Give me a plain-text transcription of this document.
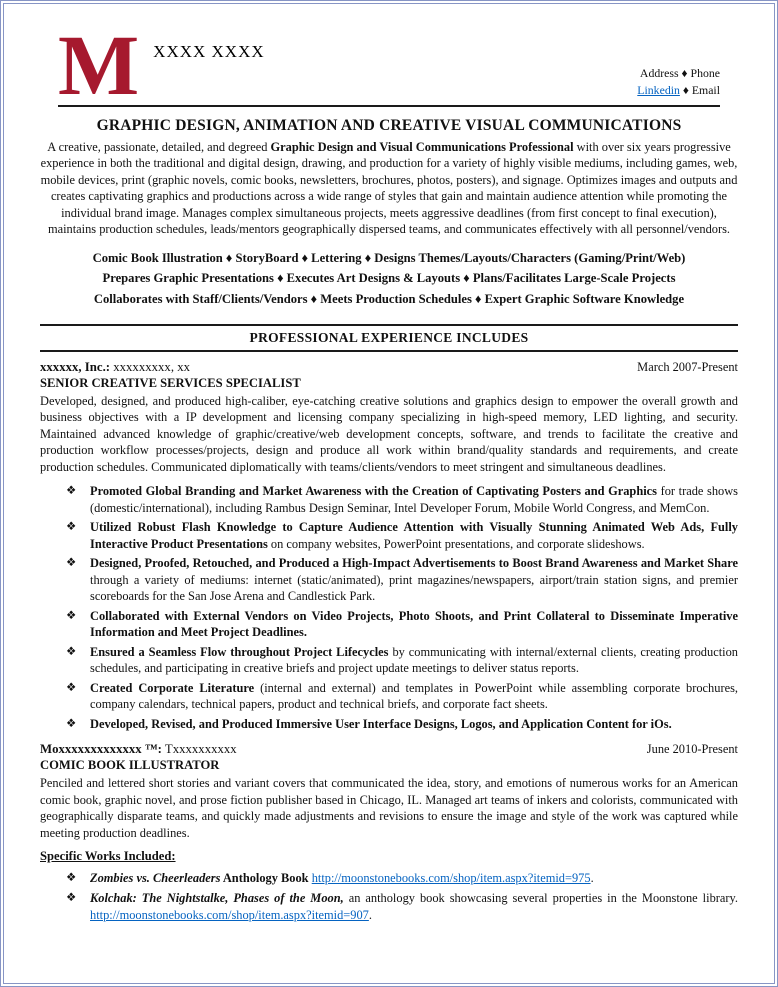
M XXXX XXXX
Address ♦ Phone
Linkedin ♦ Email
GRAPHIC DESIGN, ANIMATION AND CREATIVE VISUAL COMMUNICATIONS

A creative, passionate, detailed, and degreed Graphic Design and Visual Communications Professional with over six years progressive experience in both the traditional and digital design, drawing, and production for a variety of highly visible mediums, including games, web, mobile devices, print (graphic novels, comic books, newsletters, brochures, photos, posters), and signage. Optimizes images and outputs and creates captivating graphics and productions across a wide range of styles that gain and maintain audience attention while promoting the individual brand image. Manages complex simultaneous projects, meets aggressive deadlines (from first concept to final execution), maintains production schedules, leads/mentors geographically dispersed teams, and communicates effectively with all personnel/vendors.

Comic Book Illustration ♦ StoryBoard ♦ Lettering ♦ Designs Themes/Layouts/Characters (Gaming/Print/Web)
Prepares Graphic Presentations ♦ Executes Art Designs & Layouts ♦ Plans/Facilitates Large-Scale Projects
Collaborates with Staff/Clients/Vendors ♦ Meets Production Schedules ♦ Expert Graphic Software Knowledge
PROFESSIONAL EXPERIENCE INCLUDES
xxxxxx, Inc.: xxxxxxxxx, xx	March 2007-Present
SENIOR CREATIVE SERVICES SPECIALIST

Developed, designed, and produced high-caliber, eye-catching creative solutions and graphics design to empower the overall growth and business objectives with a IP development and licensing company specializing in high-speed memory, LED lighting, and security. Maintained advanced knowledge of graphic/creative/web development concepts, software, and trends to facilitate the creative and production workflow processes/projects, design and produce all work within brand/quality standards and requirements, and create production schedules. Communicated diplomatically with teams/clients/vendors to meet stringent and simultaneous deadlines.

❖	Promoted Global Branding and Market Awareness with the Creation of Captivating Posters and Graphics for trade shows (domestic/international), including Rambus Design Seminar, Intel Developer Forum, Mobile World Congress, and MemCon.
❖	Utilized Robust Flash Knowledge to Capture Audience Attention with Visually Stunning Animated Web Ads, Fully Interactive Product Presentations on company websites, PowerPoint presentations, and corporate slideshows.
❖	Designed, Proofed, Retouched, and Produced a High-Impact Advertisements to Boost Brand Awareness and Market Share through a variety of mediums: internet (static/animated), print magazines/newspapers, airport/train station signs, and premier scoreboards for the San Jose Arena and Candlestick Park.
❖	Collaborated with External Vendors on Video Projects, Photo Shoots, and Print Collateral to Disseminate Imperative Information and Meet Project Deadlines.
❖	Ensured a Seamless Flow throughout Project Lifecycles by communicating with internal/external clients, creating production schedules, and participating in creative briefs and project update meetings to deliver status reports.
❖	Created Corporate Literature (internal and external) and templates in PowerPoint while assembling corporate brochures, company calendars, technical papers, product and technical briefs, and corporate fact sheets.
❖	Developed, Revised, and Produced Immersive User Interface Designs, Logos, and Application Content for iOs.
Moxxxxxxxxxxxxx ™: Txxxxxxxxxx	June 2010-Present
COMIC BOOK ILLUSTRATOR

Penciled and lettered short stories and variant covers that communicated the idea, story, and emotions of numerous works for an American comic book, graphic novel, and prose fiction publisher based in Chicago, IL. Managed art teams of inkers and colorists, communicated with geographically disparate teams, and quickly made adjustments and revisions to ensure the image and style of the work was captured while meeting production deadlines.

Specific Works Included:
❖	Zombies vs. Cheerleaders Anthology Book http://moonstonebooks.com/shop/item.aspx?itemid=975.
❖	Kolchak: The Nightstalke, Phases of the Moon, an anthology book showcasing several properties in the Moonstone library. http://moonstonebooks.com/shop/item.aspx?itemid=907.
